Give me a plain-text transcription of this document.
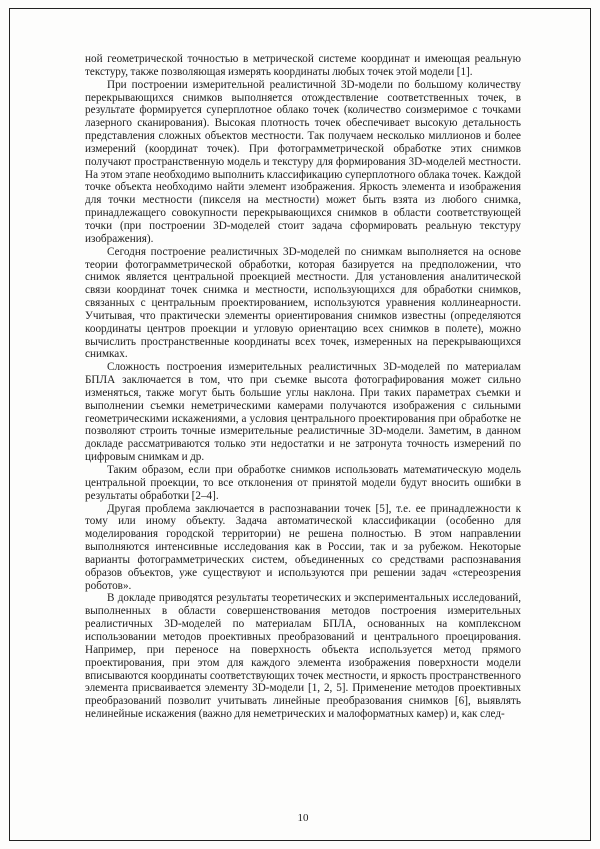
ной геометрической точностью в метрической системе координат и имеющая реальную текстуру, также позволяющая измерять координаты любых точек этой модели [1].

При построении измерительной реалистичной 3D-модели по большому количеству перекрывающихся снимков выполняется отождествление соответственных точек, в результате формируется суперплотное облако точек (количество соизмеримое с точками лазерного сканирования). Высокая плотность точек обеспечивает высокую детальность представления сложных объектов местности. Так получаем несколько миллионов и более измерений (координат точек). При фотограмметрической обработке этих снимков получают пространственную модель и текстуру для формирования 3D-моделей местности. На этом этапе необходимо выполнить классификацию суперплотного облака точек. Каждой точке объекта необходимо найти элемент изображения. Яркость элемента и изображения для точки местности (пикселя на местности) может быть взята из любого снимка, принадлежащего совокупности перекрывающихся снимков в области соответствующей точки (при построении 3D-моделей стоит задача сформировать реальную текстуру изображения).

Сегодня построение реалистичных 3D-моделей по снимкам выполняется на основе теории фотограмметрической обработки, которая базируется на предположении, что снимок является центральной проекцией местности. Для установления аналитической связи координат точек снимка и местности, использующихся для обработки снимков, связанных с центральным проектированием, используются уравнения коллинеарности. Учитывая, что практически элементы ориентирования снимков известны (определяются координаты центров проекции и угловую ориентацию всех снимков в полете), можно вычислить пространственные координаты всех точек, измеренных на перекрывающихся снимках.

Сложность построения измерительных реалистичных 3D-моделей по материалам БПЛА заключается в том, что при съемке высота фотографирования может сильно изменяться, также могут быть большие углы наклона. При таких параметрах съемки и выполнении съемки неметрическими камерами получаются изображения с сильными геометрическими искажениями, а условия центрального проектирования при обработке не позволяют строить точные измерительные реалистичные 3D-модели. Заметим, в данном докладе рассматриваются только эти недостатки и не затронута точность измерений по цифровым снимкам и др.

Таким образом, если при обработке снимков использовать математическую модель центральной проекции, то все отклонения от принятой модели будут вносить ошибки в результаты обработки [2–4].

Другая проблема заключается в распознавании точек [5], т.е. ее принадлежности к тому или иному объекту. Задача автоматической классификации (особенно для моделирования городской территории) не решена полностью. В этом направлении выполняются интенсивные исследования как в России, так и за рубежом. Некоторые варианты фотограмметрических систем, объединенных со средствами распознавания образов объектов, уже существуют и используются при решении задач «стереозрения роботов».

В докладе приводятся результаты теоретических и экспериментальных исследований, выполненных в области совершенствования методов построения измерительных реалистичных 3D-моделей по материалам БПЛА, основанных на комплексном использовании методов проективных преобразований и центрального проецирования. Например, при переносе на поверхность объекта используется метод прямого проектирования, при этом для каждого элемента изображения поверхности модели вписываются координаты соответствующих точек местности, и яркость пространственного элемента присваивается элементу 3D-модели [1, 2, 5]. Применение методов проективных преобразований позволит учитывать линейные преобразования снимков [6], выявлять нелинейные искажения (важно для неметрических и малоформатных камер) и, как след-

10
